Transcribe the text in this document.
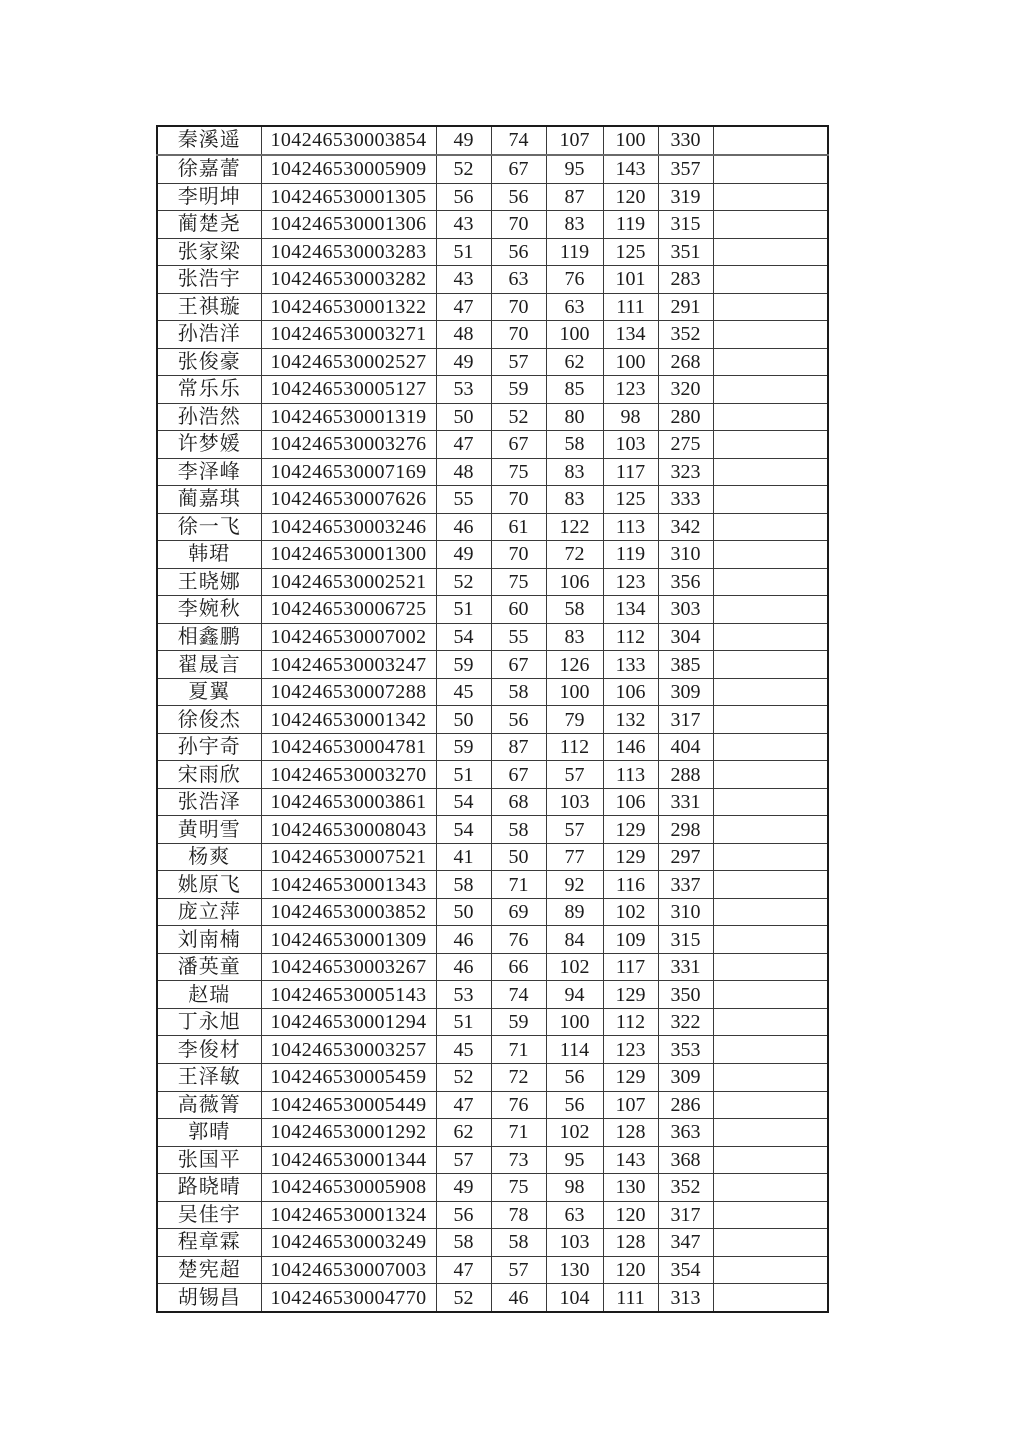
秦溪遥	104246530003854	49	74	107	100	330	
徐嘉蕾	104246530005909	52	67	95	143	357	
李明坤	104246530001305	56	56	87	120	319	
蔺楚尧	104246530001306	43	70	83	119	315	
张家梁	104246530003283	51	56	119	125	351	
张浩宇	104246530003282	43	63	76	101	283	
王祺璇	104246530001322	47	70	63	111	291	
孙浩洋	104246530003271	48	70	100	134	352	
张俊豪	104246530002527	49	57	62	100	268	
常乐乐	104246530005127	53	59	85	123	320	
孙浩然	104246530001319	50	52	80	98	280	
许梦媛	104246530003276	47	67	58	103	275	
李泽峰	104246530007169	48	75	83	117	323	
蔺嘉琪	104246530007626	55	70	83	125	333	
徐一飞	104246530003246	46	61	122	113	342	
韩珺	104246530001300	49	70	72	119	310	
王晓娜	104246530002521	52	75	106	123	356	
李婉秋	104246530006725	51	60	58	134	303	
相鑫鹏	104246530007002	54	55	83	112	304	
翟晟言	104246530003247	59	67	126	133	385	
夏翼	104246530007288	45	58	100	106	309	
徐俊杰	104246530001342	50	56	79	132	317	
孙宇奇	104246530004781	59	87	112	146	404	
宋雨欣	104246530003270	51	67	57	113	288	
张浩泽	104246530003861	54	68	103	106	331	
黄明雪	104246530008043	54	58	57	129	298	
杨爽	104246530007521	41	50	77	129	297	
姚原飞	104246530001343	58	71	92	116	337	
庞立萍	104246530003852	50	69	89	102	310	
刘南楠	104246530001309	46	76	84	109	315	
潘英童	104246530003267	46	66	102	117	331	
赵瑞	104246530005143	53	74	94	129	350	
丁永旭	104246530001294	51	59	100	112	322	
李俊材	104246530003257	45	71	114	123	353	
王泽敏	104246530005459	52	72	56	129	309	
高薇箐	104246530005449	47	76	56	107	286	
郭晴	104246530001292	62	71	102	128	363	
张国平	104246530001344	57	73	95	143	368	
路晓晴	104246530005908	49	75	98	130	352	
吴佳宇	104246530001324	56	78	63	120	317	
程章霖	104246530003249	58	58	103	128	347	
楚宪超	104246530007003	47	57	130	120	354	
胡锡昌	104246530004770	52	46	104	111	313	
